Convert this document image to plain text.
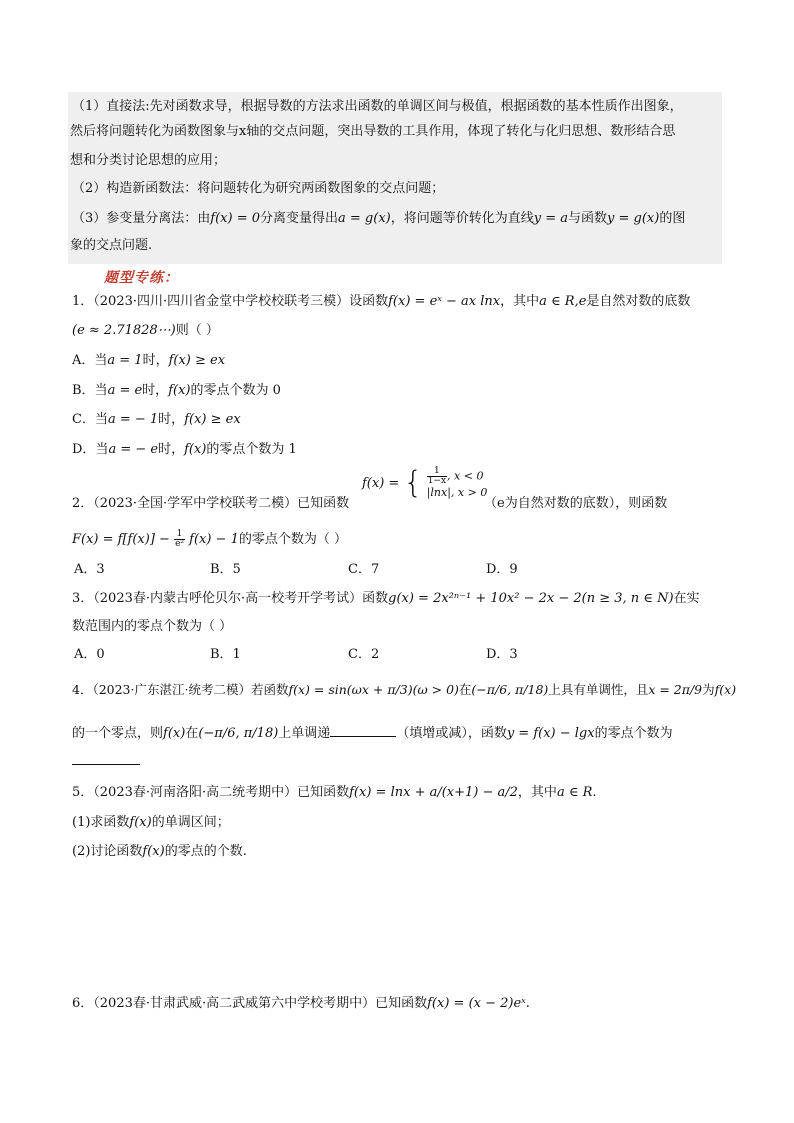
（1）直接法:先对函数求导，根据导数的方法求出函数的单调区间与极值，根据函数的基本性质作出图象，
然后将问题转化为函数图象与x轴的交点问题，突出导数的工具作用，体现了转化与化归思想、数形结合思
想和分类讨论思想的应用；
（2）构造新函数法：将问题转化为研究两函数图象的交点问题；
（3）参变量分离法：由f(x) = 0分离变量得出a = g(x)，将问题等价转化为直线y = a与函数y = g(x)的图
象的交点问题.
题型专练：
1．（2023·四川·四川省金堂中学校校联考三模）设函数f(x) = eˣ − ax lnx，其中a ∈ R,e是自然对数的底数
(e ≈ 2.71828⋯)则（ ）
A．当a = 1时，f(x) ≥ ex
B．当a = e时，f(x)的零点个数为 0
C．当a = − 1时，f(x) ≥ ex
D．当a = − e时，f(x)的零点个数为 1
f(x) = { $\frac{1}{1-x}$ , x < 0
|lnx|, x > 0
2．（2023·全国·学军中学校联考二模）已知函数	（e为自然对数的底数），则函数
$F(x) = f[f(x)] - \frac{1}{\text{e²}} f(x) - 1$的零点个数为（ ）
A．3	B．5	C．7	D．9
3．（2023春·内蒙古呼伦贝尔·高一校考开学考试）函数g(x) = 2x²ⁿ⁻¹ + 10x² − 2x − 2(n ≥ 3, n ∈ N)在实
数范围内的零点个数为（ ）
A．0	B．1	C．2	D．3
4．（2023·广东湛江·统考二模）若函数f(x) = sin(ωx + π/3)(ω > 0)在(−π/6, π/18)上具有单调性，且x = 2π/9为f(x)
的一个零点，则f(x)在(−π/6, π/18)上单调递	（填增或减），函数y = f(x) − lgx的零点个数为
5．（2023春·河南洛阳·高二统考期中）已知函数f(x) = lnx + a/(x+1) − a/2，其中a ∈ R.
(1)求函数f(x)的单调区间；
(2)讨论函数f(x)的零点的个数.
6．（2023春·甘肃武威·高二武威第六中学校考期中）已知函数f(x) = (x − 2)eˣ.
